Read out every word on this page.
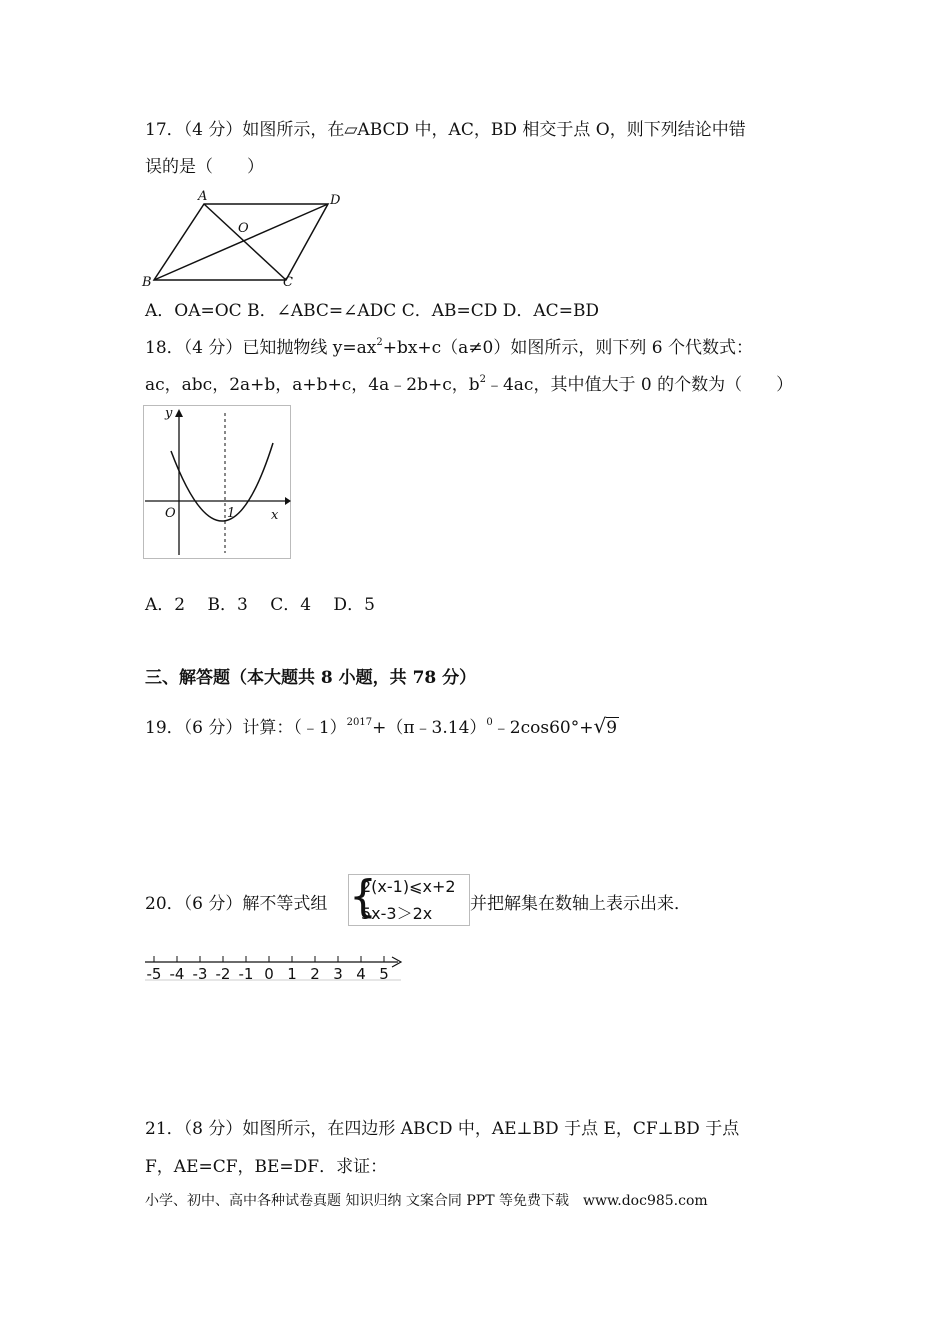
17．（4 分）如图所示，在▱ABCD 中，AC，BD 相交于点 O，则下列结论中错
误的是（　　）
A	D
O
B	C
A．OA=OC B．∠ABC=∠ADC C．AB=CD D．AC=BD
18．（4 分）已知抛物线 $y=ax^2+bx+c(a\ne 0)$如图所示，则下列 6 个代数式：
ac，abc，2a+b，a+b+c，4a﹣2b+c，$b^2﹣4ac$，其中值大于 0 的个数为（　　）
y
O	1	x
A．2　 B．3　 C．4　 D．5
三、解答题（本大题共 8 小题，共 78 分）
19．（6 分）计算：（﹣1）$^{2017}$+（π﹣3.14）$^0$﹣2cos60°+√9
20．（6 分）解不等式组 {
2(x-1)⩽x+2
5x-3＞2x 并把解集在数轴上表示出来．
-5 -4 -3 -2 -1 0 1 2 3 4 5
21．（8 分）如图所示，在四边形 ABCD 中，AE⊥BD 于点 E，CF⊥BD 于点
F，AE=CF，BE=DF．求证：
小学、初中、高中各种试卷真题 知识归纳 文案合同 PPT 等免费下载　www.doc985.com
